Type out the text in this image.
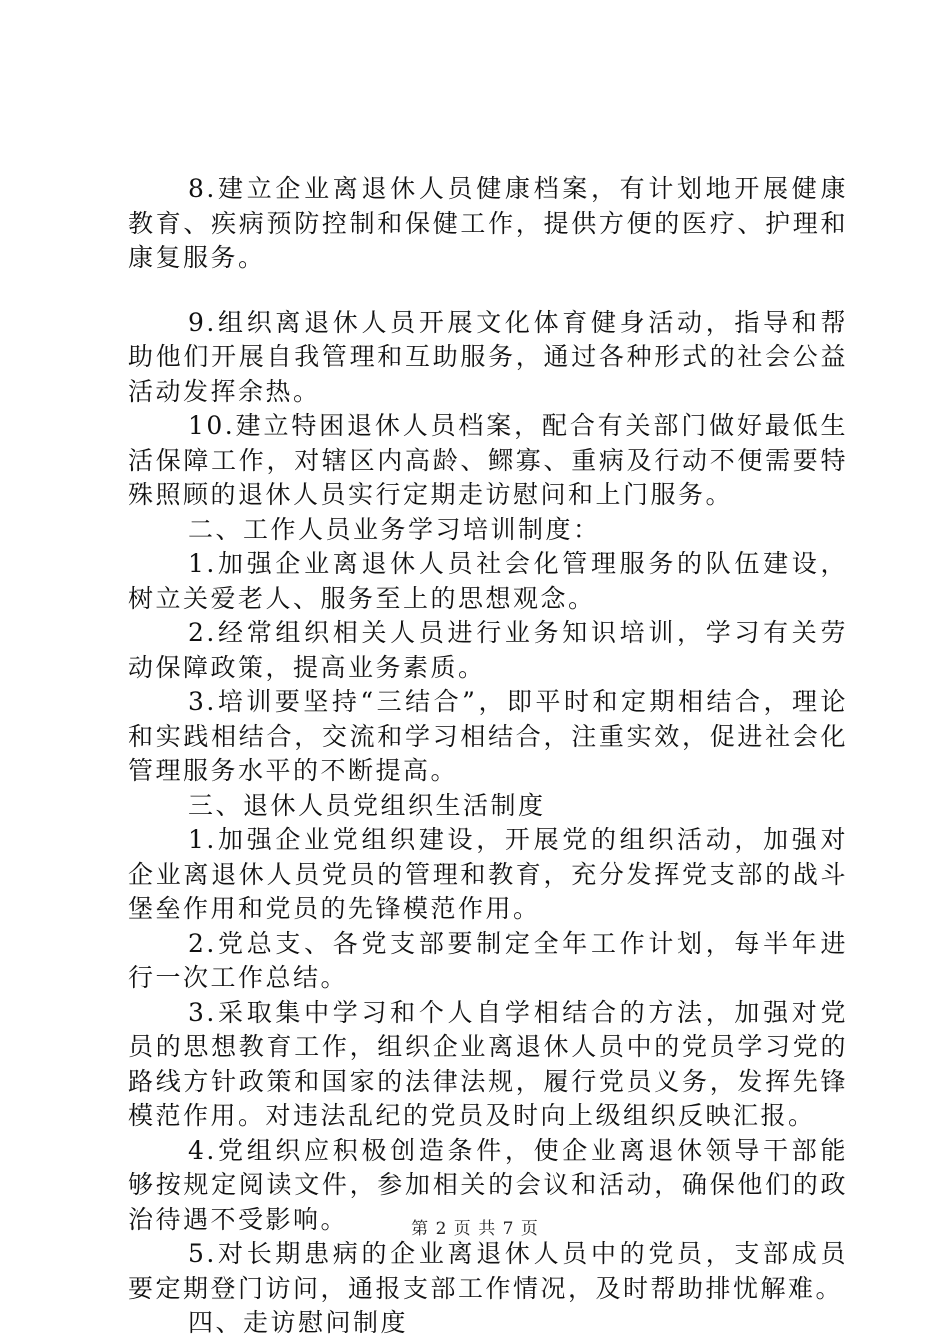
8.建立企业离退休人员健康档案，有计划地开展健康教育、疾病预防控制和保健工作，提供方便的医疗、护理和康复服务。

9.组织离退休人员开展文化体育健身活动，指导和帮助他们开展自我管理和互助服务，通过各种形式的社会公益活动发挥余热。

10.建立特困退休人员档案，配合有关部门做好最低生活保障工作，对辖区内高龄、鳏寡、重病及行动不便需要特殊照顾的退休人员实行定期走访慰问和上门服务。

二、工作人员业务学习培训制度：

1.加强企业离退休人员社会化管理服务的队伍建设，树立关爱老人、服务至上的思想观念。

2.经常组织相关人员进行业务知识培训，学习有关劳动保障政策，提高业务素质。

3.培训要坚持“三结合”，即平时和定期相结合，理论和实践相结合，交流和学习相结合，注重实效，促进社会化管理服务水平的不断提高。

三、退休人员党组织生活制度

1.加强企业党组织建设，开展党的组织活动，加强对企业离退休人员党员的管理和教育，充分发挥党支部的战斗堡垒作用和党员的先锋模范作用。

2.党总支、各党支部要制定全年工作计划，每半年进行一次工作总结。

3.采取集中学习和个人自学相结合的方法，加强对党员的思想教育工作，组织企业离退休人员中的党员学习党的路线方针政策和国家的法律法规，履行党员义务，发挥先锋模范作用。对违法乱纪的党员及时向上级组织反映汇报。

4.党组织应积极创造条件，使企业离退休领导干部能够按规定阅读文件，参加相关的会议和活动，确保他们的政治待遇不受影响。

5.对长期患病的企业离退休人员中的党员，支部成员要定期登门访问，通报支部工作情况，及时帮助排忧解难。

四、走访慰问制度

第 2 页 共 7 页
